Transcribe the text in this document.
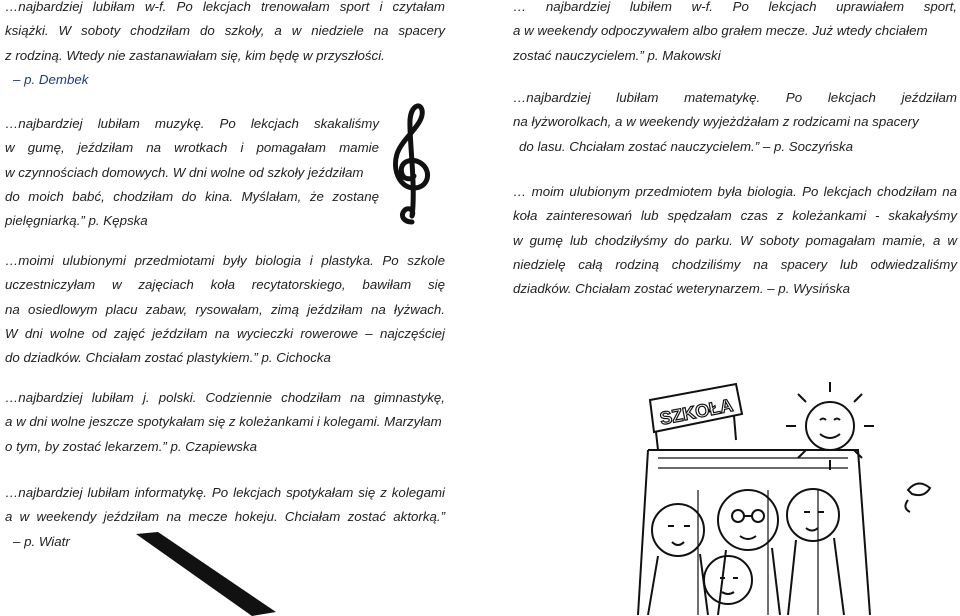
…najbardziej lubiłam w-f. Po lekcjach trenowałam sport i czytałam
książki. W soboty chodziłam do szkoły, a w niedziele na spacery
z rodziną. Wtedy nie zastanawiałam się, kim będę w przyszłości.
– p. Dembek
…najbardziej lubiłam muzykę. Po lekcjach skakaliśmy
w gumę, jeździłam na wrotkach i pomagałam mamie
w czynnościach domowych. W dni wolne od szkoły jeździłam
do moich babć, chodziłam do kina. Myślałam, że zostanę
pielęgniarką.” p. Kępska
…moimi ulubionymi przedmiotami były biologia i plastyka. Po szkole
uczestniczyłam w zajęciach koła recytatorskiego, bawiłam się
na osiedlowym placu zabaw, rysowałam, zimą jeździłam na łyżwach.
W dni wolne od zajęć jeździłam na wycieczki rowerowe – najczęściej
do dziadków. Chciałam zostać plastykiem.” p. Cichocka
…najbardziej lubiłam j. polski. Codziennie chodziłam na gimnastykę,
a w dni wolne jeszcze spotykałam się z koleżankami i kolegami. Marzyłam
o tym, by zostać lekarzem.” p. Czapiewska
…najbardziej lubiłam informatykę. Po lekcjach spotykałam się z kolegami
a w weekendy jeździłam na mecze hokeju. Chciałam zostać aktorką.”
– p. Wiatr
… najbardziej lubiłem w-f. Po lekcjach uprawiałem sport,
a w weekendy odpoczywałem albo grałem mecze. Już wtedy chciałem
zostać nauczycielem.” p. Makowski
…najbardziej lubiłam matematykę. Po lekcjach jeździłam
na łyżworolkach, a w weekendy wyjeżdżałam z rodzicami na spacery
do lasu. Chciałam zostać nauczycielem.” – p. Soczyńska
… moim ulubionym przedmiotem była biologia. Po lekcjach chodziłam na
koła zainteresowań lub spędzałam czas z koleżankami - skakałyśmy
w gumę lub chodziłyśmy do parku. W soboty pomagałam mamie, a w
niedzielę całą rodziną chodziliśmy na spacery lub odwiedzaliśmy
dziadków. Chciałam zostać weterynarzem. – p. Wysińska
SZKOŁA
